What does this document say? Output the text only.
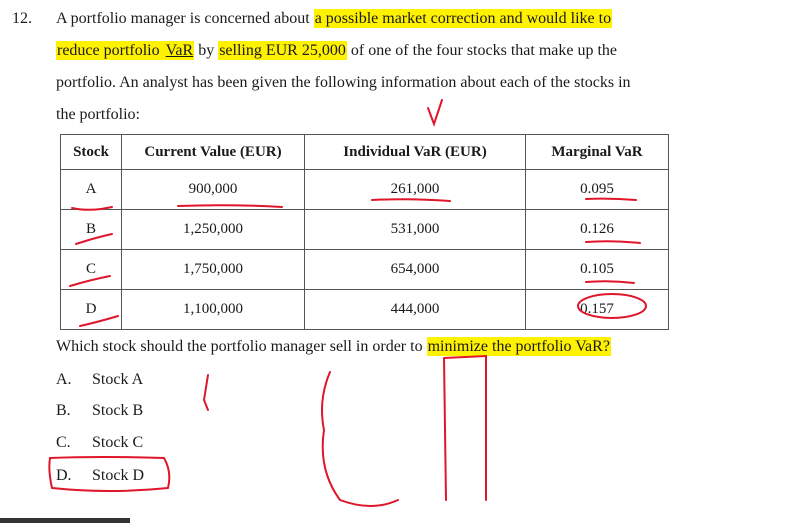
12. A portfolio manager is concerned about a possible market correction and would like to
reduce portfolio VaR by selling EUR 25,000 of one of the four stocks that make up the
portfolio. An analyst has been given the following information about each of the stocks in
the portfolio:
Stock	Current Value (EUR)	Individual VaR (EUR)	Marginal VaR
A	900,000	261,000	0.095
B	1,250,000	531,000	0.126
C	1,750,000	654,000	0.105
D	1,100,000	444,000	0.157
Which stock should the portfolio manager sell in order to minimize the portfolio VaR?
A. Stock A
B. Stock B
C. Stock C
D. Stock D
δ VaR	mVaR
m VaR
mVaRc
m VaR
VA
VB
Vc
VD
Com VaRA
